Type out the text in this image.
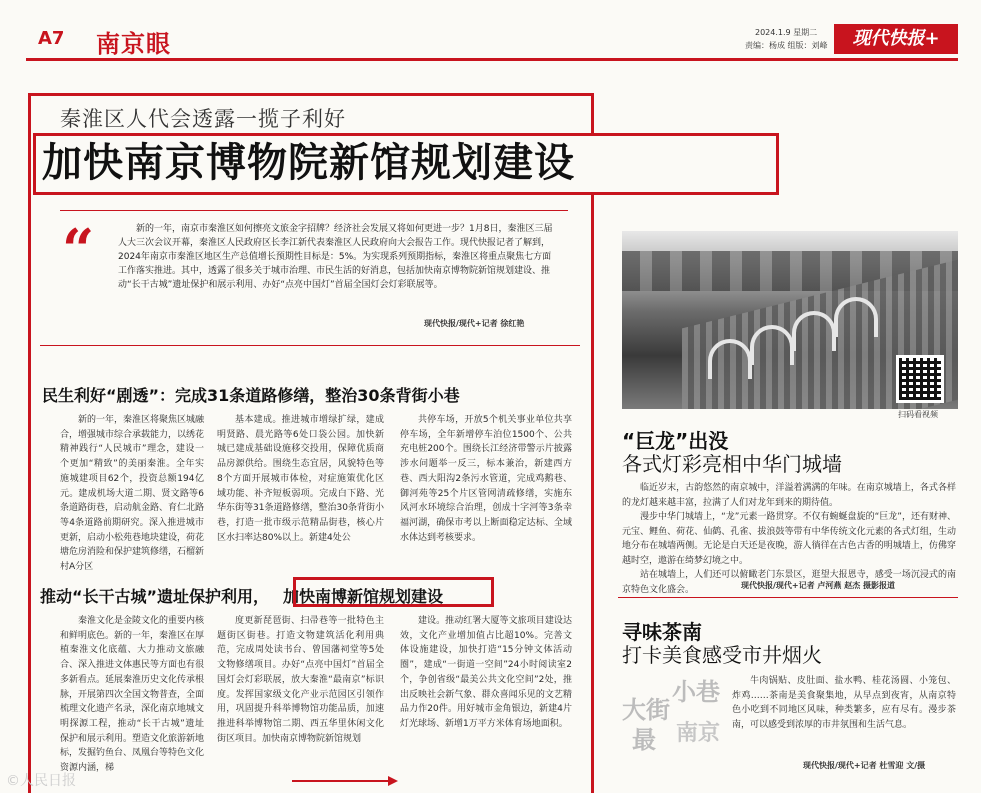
A7 南京眼	2024.1.9 星期二
责编：杨成 组版：刘峰	现代快报+
秦淮区人代会透露一揽子利好
加快南京博物院新馆规划建设
“	新的一年，南京市秦淮区如何擦亮文旅金字招牌？经济社会发展又将如何更进一步？1月8日，秦淮区三届人大三次会议开幕，秦淮区人民政府区长李江新代表秦淮区人民政府向大会报告工作。现代快报记者了解到，2024年南京市秦淮区地区生产总值增长预期性目标是：5%。为实现系列预期指标，秦淮区将重点聚焦七方面工作落实推进。其中，透露了很多关于城市治理、市民生活的好消息，包括加快南京博物院新馆规划建设、推动“长干古城”遗址保护和展示利用、办好“点亮中国灯”首届全国灯会灯彩联展等。
现代快报/现代+记者 徐红艳
民生利好“剧透”：完成31条道路修缮，整治30条背街小巷

新的一年，秦淮区将聚焦区城融合，增强城市综合承载能力，以绣花精神践行“人民城市”理念，建设一个更加“精致”的美丽秦淮。全年实施城建项目62个，投资总额194亿元。建成机场大道二期、贤文路等6条道路街巷，启动航金路、育仁北路等4条道路前期研究。深入推进城市更新，启动小松苑巷地块建设，荷花塘危房消险和保护建筑修缮，石榴新村A分区

基本建成。推进城市增绿扩绿，建成明贤路、晨光路等6处口袋公园。加快新城已建成基础设施移交投用，保障优质商品房源供给。围绕生态宜居，风貌特色等8个方面开展城市体检，对症施策优化区域功能、补齐短板弱项。完成白下路、光华东街等31条道路修缮，整治30条背街小巷，打造一批市级示范精品街巷，核心片区水扫率达80%以上。新建4处公

共停车场，开放5个机关事业单位共享停车场，全年新增停车泊位1500个、公共充电桩200个。围绕长江经济带警示片披露涉水问题举一反三，标本兼治，新建西方巷、西大阳沟2条污水管道，完成鸡鹅巷、御河苑等25个片区管网清疏修缮，实施东风河水环境综合治理，创成十字河等3条幸福河湖，确保市考以上断面稳定达标、全域水体达到考核要求。

推动“长干古城”遗址保护利用， 加快南博新馆规划建设

秦淮文化是金陵文化的重要内核和鲜明底色。新的一年，秦淮区在厚植秦淮文化底蕴、大力推动文旅融合、深入推进文体惠民等方面也有很多新看点。延展秦淮历史文化传承根脉，开展第四次全国文物普查，全面梳理文化遗产名录，深化南京地城文明探源工程，推动“长干古城”遗址保护和展示利用。塑造文化旅游新地标，发掘钓鱼台、凤凰台等特色文化资源内涵，梯

度更新琵琶街、扫帚巷等一批特色主题街区街巷。打造文物建筑活化利用典范，完成周处读书台、曾国藩祠堂等5处文物修缮项目。办好“点亮中国灯”首届全国灯会灯彩联展，放大秦淮“最南京”标识度。发挥国家级文化产业示范园区引领作用，巩固提升科举博物馆功能品质，加速推进科举博物馆二期、西五华里休闲文化街区项目。加快南京博物院新馆规划

建设。推动红署大厦等文旅项目建设达效，文化产业增加值占比超10%。完善文体设施建设，加快打造“15分钟文体活动圈”，建成“一街道一空间”24小时阅读室2个，争创省级“最美公共文化空间”2处，推出反映社会新气象、群众喜闻乐见的文艺精品力作20件。用好城市金角银边，新建4片灯光球场、新增1万平方米体育场地面积。

扫码看视频
“巨龙”出没
各式灯彩亮相中华门城墙

临近岁末，古韵悠然的南京城中，洋溢着满满的年味。在南京城墙上，各式各样的龙灯越来越丰富，拉满了人们对龙年到来的期待值。

漫步中华门城墙上，“龙”元素一路贯穿。不仅有蜿蜒盘旋的“巨龙”，还有财神、元宝、鲤鱼、荷花、仙鹤、孔雀、拔浪鼓等带有中华传统文化元素的各式灯组，生动地分布在城墙两侧。无论是白天还是夜晚，游人徜徉在古色古香的明城墙上，仿佛穿越时空，遨游在绮梦幻境之中。

站在城墙上，人们还可以俯瞰老门东景区，逛望大报恩寺，感受一场沉浸式的南京特色文化盛会。	现代快报/现代+记者 卢河燕 赵杰 摄影报道
寻味茶南
打卡美食感受市井烟火
大街
小巷
最 南京

牛肉锅贴、皮肚面、盐水鸭、桂花汤圆、小笼包、炸鸡……茶南是美食聚集地，从早点到夜宵，从南京特色小吃到不同地区风味，种类繁多，应有尽有。漫步茶南，可以感受到浓厚的市井氛围和生活气息。

现代快报/现代+记者 杜雪迎 文/摄
©人民日报
